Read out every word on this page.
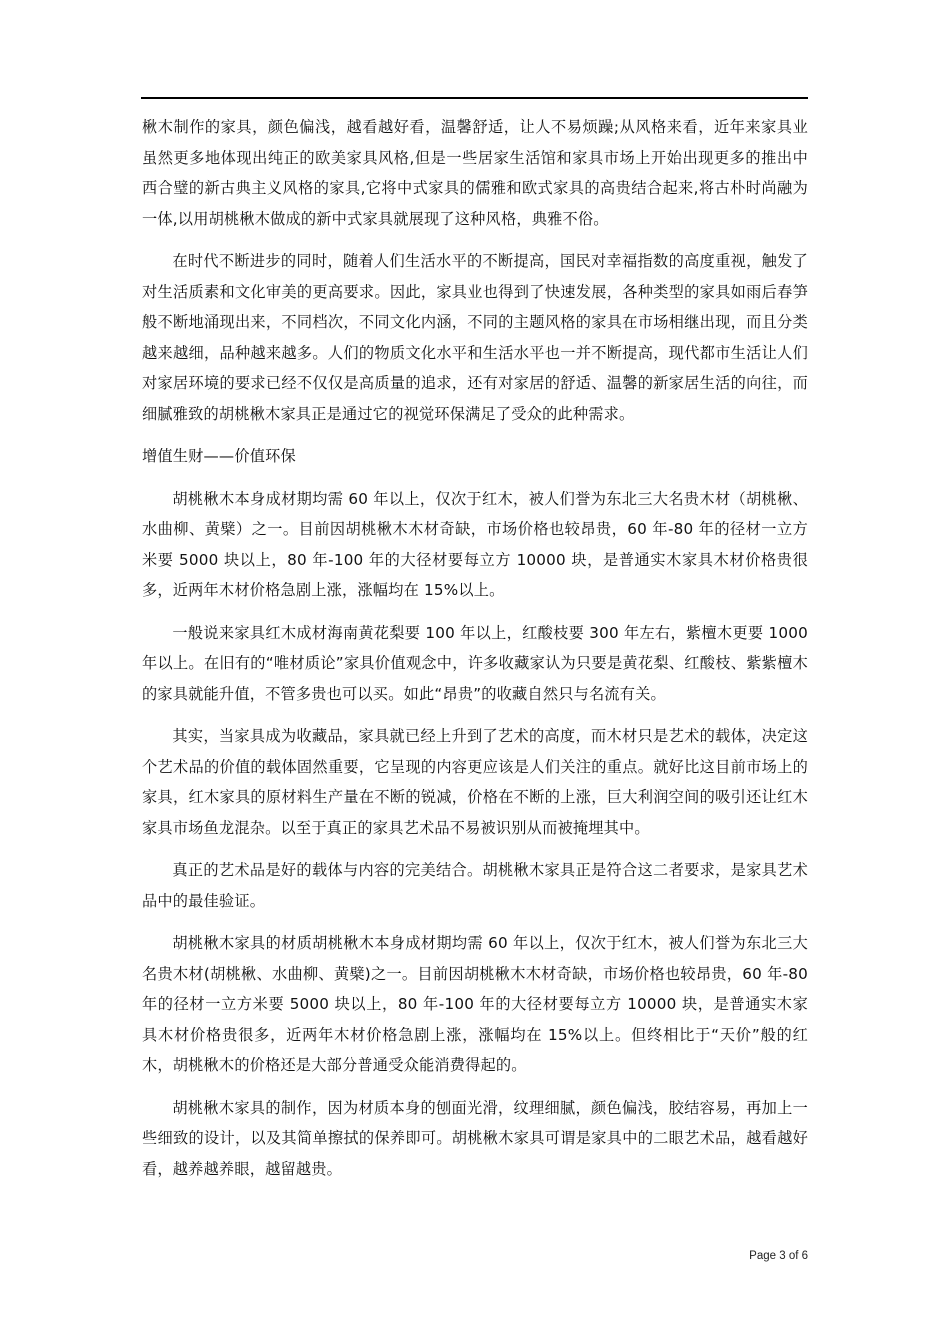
楸木制作的家具，颜色偏浅，越看越好看，温馨舒适，让人不易烦躁;从风格来看，近年来家具业虽然更多地体现出纯正的欧美家具风格,但是一些居家生活馆和家具市场上开始出现更多的推出中西合璧的新古典主义风格的家具,它将中式家具的儒雅和欧式家具的高贵结合起来,将古朴时尚融为一体,以用胡桃楸木做成的新中式家具就展现了这种风格，典雅不俗。

在时代不断进步的同时，随着人们生活水平的不断提高，国民对幸福指数的高度重视，触发了对生活质素和文化审美的更高要求。因此，家具业也得到了快速发展，各种类型的家具如雨后春笋般不断地涌现出来，不同档次，不同文化内涵，不同的主题风格的家具在市场相继出现，而且分类越来越细，品种越来越多。人们的物质文化水平和生活水平也一并不断提高，现代都市生活让人们对家居环境的要求已经不仅仅是高质量的追求，还有对家居的舒适、温馨的新家居生活的向往，而细腻雅致的胡桃楸木家具正是通过它的视觉环保满足了受众的此种需求。

增值生财——价值环保

胡桃楸木本身成材期均需 60 年以上，仅次于红木，被人们誉为东北三大名贵木材（胡桃楸、水曲柳、黄檗）之一。目前因胡桃楸木木材奇缺，市场价格也较昂贵，60 年-80 年的径材一立方米要 5000 块以上，80 年-100 年的大径材要每立方 10000 块，是普通实木家具木材价格贵很多，近两年木材价格急剧上涨，涨幅均在 15%以上。

一般说来家具红木成材海南黄花梨要 100 年以上，红酸枝要 300 年左右，紫檀木更要 1000 年以上。在旧有的“唯材质论”家具价值观念中，许多收藏家认为只要是黄花梨、红酸枝、紫紫檀木的家具就能升值，不管多贵也可以买。如此“昂贵”的收藏自然只与名流有关。

其实，当家具成为收藏品，家具就已经上升到了艺术的高度，而木材只是艺术的载体，决定这个艺术品的价值的载体固然重要，它呈现的内容更应该是人们关注的重点。就好比这目前市场上的家具，红木家具的原材料生产量在不断的锐减，价格在不断的上涨，巨大利润空间的吸引还让红木家具市场鱼龙混杂。以至于真正的家具艺术品不易被识别从而被掩埋其中。

真正的艺术品是好的载体与内容的完美结合。胡桃楸木家具正是符合这二者要求，是家具艺术品中的最佳验证。

胡桃楸木家具的材质胡桃楸木本身成材期均需 60 年以上，仅次于红木，被人们誉为东北三大名贵木材(胡桃楸、水曲柳、黄檗)之一。目前因胡桃楸木木材奇缺，市场价格也较昂贵，60 年-80 年的径材一立方米要 5000 块以上，80 年-100 年的大径材要每立方 10000 块，是普通实木家具木材价格贵很多，近两年木材价格急剧上涨，涨幅均在 15%以上。但终相比于“天价”般的红木，胡桃楸木的价格还是大部分普通受众能消费得起的。

胡桃楸木家具的制作，因为材质本身的刨面光滑，纹理细腻，颜色偏浅，胶结容易，再加上一些细致的设计，以及其简单擦拭的保养即可。胡桃楸木家具可谓是家具中的二眼艺术品，越看越好看，越养越养眼，越留越贵。

Page 3 of 6
